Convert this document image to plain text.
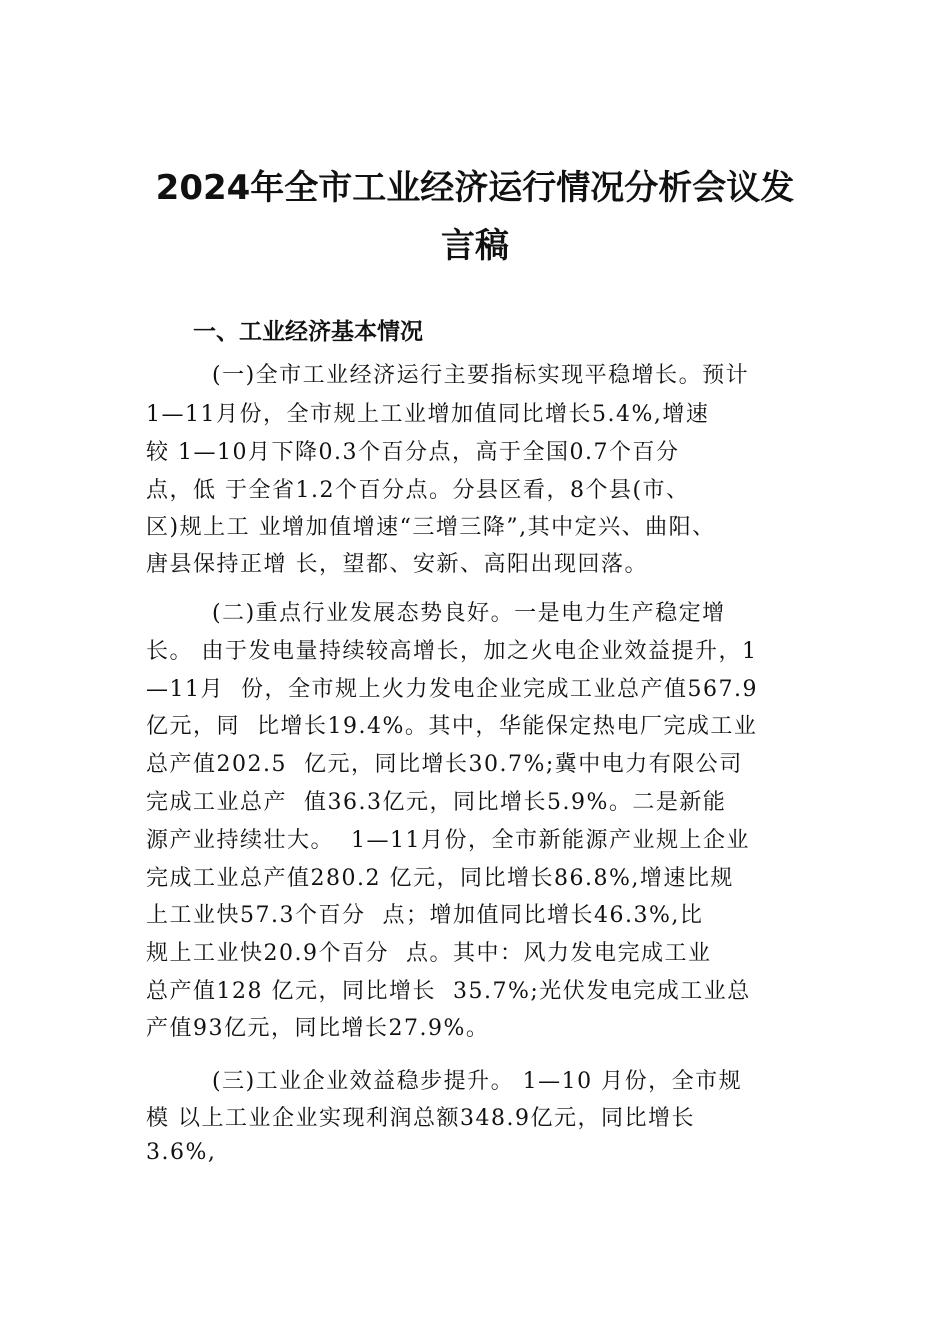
2024年全市工业经济运行情况分析会议发
言稿
一、工业经济基本情况
(一)全市工业经济运行主要指标实现平稳增长。预计
1—11月份，全市规上工业增加值同比增长5.4%,增速
较 1—10月下降0.3个百分点，高于全国0.7个百分
点，低 于全省1.2个百分点。分县区看，8个县(市、
区)规上工 业增加值增速“三增三降”,其中定兴、曲阳、
唐县保持正增 长，望都、安新、高阳出现回落。
(二)重点行业发展态势良好。一是电力生产稳定增
长。 由于发电量持续较高增长，加之火电企业效益提升，1
—11月  份，全市规上火力发电企业完成工业总产值567.9
亿元，同  比增长19.4%。其中，华能保定热电厂完成工业
总产值202.5  亿元，同比增长30.7%;冀中电力有限公司
完成工业总产  值36.3亿元，同比增长5.9%。二是新能
源产业持续壮大。  1—11月份，全市新能源产业规上企业
完成工业总产值280.2 亿元，同比增长86.8%,增速比规
上工业快57.3个百分  点；增加值同比增长46.3%,比
规上工业快20.9个百分  点。其中：风力发电完成工业
总产值128 亿元，同比增长  35.7%;光伏发电完成工业总
产值93亿元，同比增长27.9%。
(三)工业企业效益稳步提升。 1—10 月份，全市规
模 以上工业企业实现利润总额348.9亿元，同比增长
3.6%,
